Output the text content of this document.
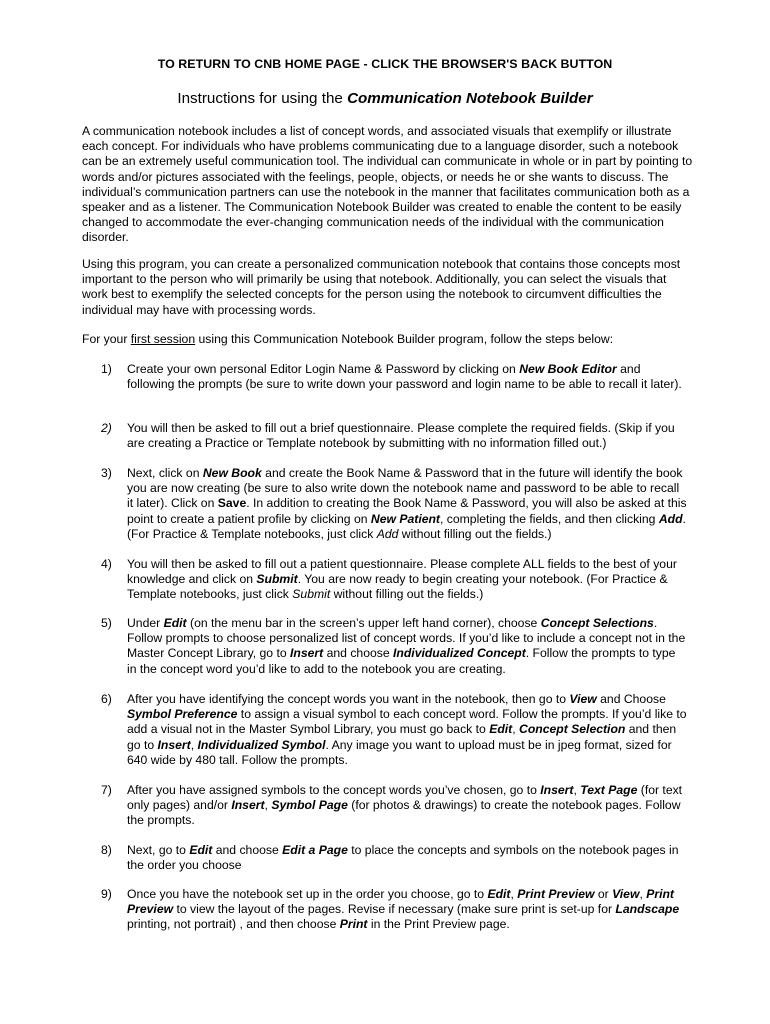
TO RETURN TO CNB HOME PAGE - CLICK THE BROWSER'S BACK BUTTON
Instructions for using the Communication Notebook Builder

A communication notebook includes a list of concept words, and associated visuals that exemplify or illustrate each concept. For individuals who have problems communicating due to a language disorder, such a notebook can be an extremely useful communication tool. The individual can communicate in whole or in part by pointing to words and/or pictures associated with the feelings, people, objects, or needs he or she wants to discuss. The individual’s communication partners can use the notebook in the manner that facilitates communication both as a speaker and as a listener. The Communication Notebook Builder was created to enable the content to be easily changed to accommodate the ever-changing communication needs of the individual with the communication disorder.

Using this program, you can create a personalized communication notebook that contains those concepts most important to the person who will primarily be using that notebook. Additionally, you can select the visuals that work best to exemplify the selected concepts for the person using the notebook to circumvent difficulties the individual may have with processing words.

For your first session using this Communication Notebook Builder program, follow the steps below:

1)	Create your own personal Editor Login Name & Password by clicking on New Book Editor and following the prompts (be sure to write down your password and login name to be able to recall it later).
2)	You will then be asked to fill out a brief questionnaire. Please complete the required fields. (Skip if you are creating a Practice or Template notebook by submitting with no information filled out.)
3)	Next, click on New Book and create the Book Name & Password that in the future will identify the book you are now creating (be sure to also write down the notebook name and password to be able to recall it later). Click on Save. In addition to creating the Book Name & Password, you will also be asked at this point to create a patient profile by clicking on New Patient, completing the fields, and then clicking Add. (For Practice & Template notebooks, just click Add without filling out the fields.)
4)	You will then be asked to fill out a patient questionnaire. Please complete ALL fields to the best of your knowledge and click on Submit. You are now ready to begin creating your notebook. (For Practice & Template notebooks, just click Submit without filling out the fields.)
5)	Under Edit (on the menu bar in the screen’s upper left hand corner), choose Concept Selections. Follow prompts to choose personalized list of concept words. If you’d like to include a concept not in the Master Concept Library, go to Insert and choose Individualized Concept. Follow the prompts to type in the concept word you’d like to add to the notebook you are creating.
6)	After you have identifying the concept words you want in the notebook, then go to View and Choose Symbol Preference to assign a visual symbol to each concept word. Follow the prompts. If you’d like to add a visual not in the Master Symbol Library, you must go back to Edit, Concept Selection and then go to Insert, Individualized Symbol. Any image you want to upload must be in jpeg format, sized for 640 wide by 480 tall. Follow the prompts.
7)	After you have assigned symbols to the concept words you’ve chosen, go to Insert, Text Page (for text only pages) and/or Insert, Symbol Page (for photos & drawings) to create the notebook pages. Follow the prompts.
8)	Next, go to Edit and choose Edit a Page to place the concepts and symbols on the notebook pages in the order you choose
9)	Once you have the notebook set up in the order you choose, go to Edit, Print Preview or View, Print Preview to view the layout of the pages. Revise if necessary (make sure print is set-up for Landscape printing, not portrait) , and then choose Print in the Print Preview page.
